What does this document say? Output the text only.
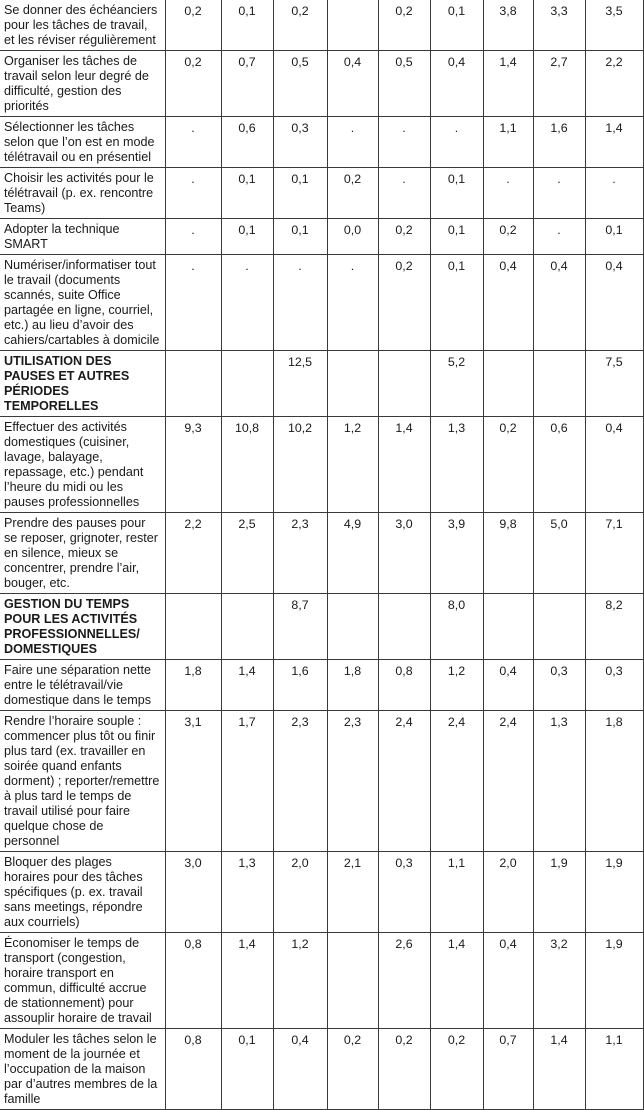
Se donner des échéanciers pour les tâches de travail, et les réviser régulièrement	0,2	0,1	0,2		0,2	0,1	3,8	3,3	3,5
Organiser les tâches de travail selon leur degré de difficulté, gestion des priorités	0,2	0,7	0,5	0,4	0,5	0,4	1,4	2,7	2,2
Sélectionner les tâches selon que l’on est en mode télétravail ou en présentiel	.	0,6	0,3	.	.	.	1,1	1,6	1,4
Choisir les activités pour le télétravail (p. ex. rencontre Teams)	.	0,1	0,1	0,2	.	0,1	.	.	.
Adopter la technique SMART	.	0,1	0,1	0,0	0,2	0,1	0,2	.	0,1
Numériser/informatiser tout le travail (documents scannés, suite Office partagée en ligne, courriel, etc.) au lieu d’avoir des cahiers/cartables à domicile	.	.	.	.	0,2	0,1	0,4	0,4	0,4
UTILISATION DES PAUSES ET AUTRES PÉRIODES TEMPORELLES			12,5			5,2			7,5
Effectuer des activités domestiques (cuisiner, lavage, balayage, repassage, etc.) pendant l’heure du midi ou les pauses professionnelles	9,3	10,8	10,2	1,2	1,4	1,3	0,2	0,6	0,4
Prendre des pauses pour se reposer, grignoter, rester en silence, mieux se concentrer, prendre l’air, bouger, etc.	2,2	2,5	2,3	4,9	3,0	3,9	9,8	5,0	7,1
GESTION DU TEMPS POUR LES ACTIVITÉS PROFESSIONNELLES/ DOMESTIQUES			8,7			8,0			8,2
Faire une séparation nette entre le télétravail/vie domestique dans le temps	1,8	1,4	1,6	1,8	0,8	1,2	0,4	0,3	0,3
Rendre l’horaire souple : commencer plus tôt ou finir plus tard (ex. travailler en soirée quand enfants dorment) ; reporter/remettre à plus tard le temps de travail utilisé pour faire quelque chose de personnel	3,1	1,7	2,3	2,3	2,4	2,4	2,4	1,3	1,8
Bloquer des plages horaires pour des tâches spécifiques (p. ex. travail sans meetings, répondre aux courriels)	3,0	1,3	2,0	2,1	0,3	1,1	2,0	1,9	1,9
Économiser le temps de transport (congestion, horaire transport en commun, difficulté accrue de stationnement) pour assouplir horaire de travail	0,8	1,4	1,2		2,6	1,4	0,4	3,2	1,9
Moduler les tâches selon le moment de la journée et l’occupation de la maison par d’autres membres de la famille	0,8	0,1	0,4	0,2	0,2	0,2	0,7	1,4	1,1
